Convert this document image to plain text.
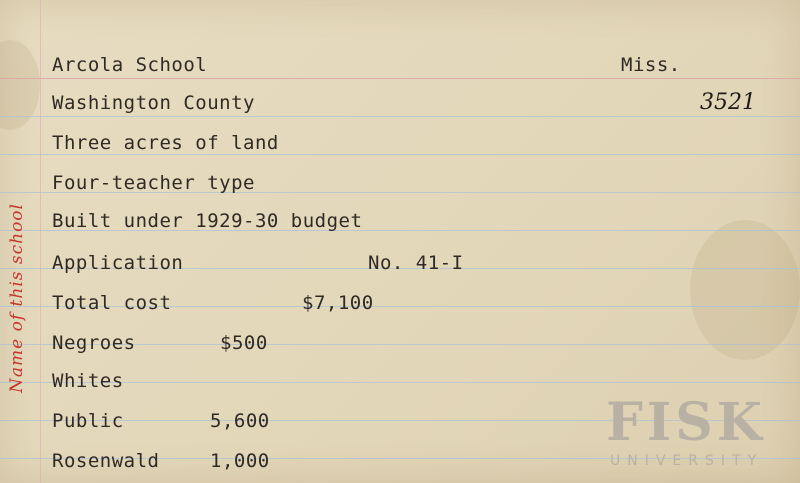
Arcola School	Miss.
3521
Washington County
Three acres of land
Four-teacher type
Built under 1929-30 budget
Application	No. 41-I
Total cost	$7,100
Negroes	$500
Whites
Public	5,600
Rosenwald	1,000
Name of this school
FISK
UNIVERSITY
